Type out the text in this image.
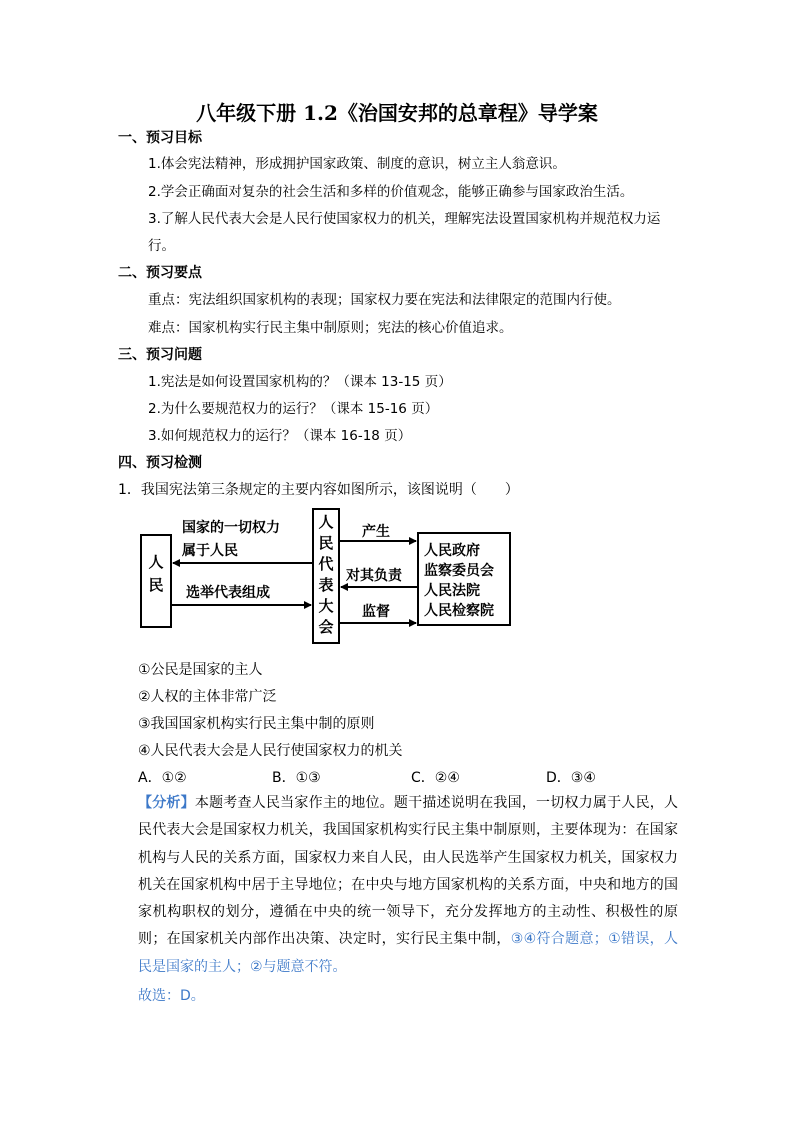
八年级下册 1.2《治国安邦的总章程》导学案
一、预习目标
1.体会宪法精神，形成拥护国家政策、制度的意识，树立主人翁意识。
2.学会正确面对复杂的社会生活和多样的价值观念，能够正确参与国家政治生活。
3.了解人民代表大会是人民行使国家权力的机关，理解宪法设置国家机构并规范权力运
行。
二、预习要点
重点：宪法组织国家机构的表现；国家权力要在宪法和法律限定的范围内行使。
难点：国家机构实行民主集中制原则；宪法的核心价值追求。
三、预习问题
1.宪法是如何设置国家机构的？（课本 13-15 页）
2.为什么要规范权力的运行？（课本 15-16 页）
3.如何规范权力的运行？（课本 16-18 页）
四、预习检测
1．我国宪法第三条规定的主要内容如图所示，该图说明（　　）
人
民
人
民
代
表
大
会
人民政府
监察委员会
人民法院
人民检察院
国家的一切权力
属于人民
选举代表组成
产生
对其负责
监督
①公民是国家的主人
②人权的主体非常广泛
③我国国家机构实行民主集中制的原则
④人民代表大会是人民行使国家权力的机关
A．①②	B．①③	C．②④	D．③④
【分析】本题考查人民当家作主的地位。题干描述说明在我国，一切权力属于人民，人民代表大会是国家权力机关，我国国家机构实行民主集中制原则，主要体现为：在国家机构与人民的关系方面，国家权力来自人民，由人民选举产生国家权力机关，国家权力机关在国家机构中居于主导地位；在中央与地方国家机构的关系方面，中央和地方的国家机构职权的划分，遵循在中央的统一领导下，充分发挥地方的主动性、积极性的原则；在国家机关内部作出决策、决定时，实行民主集中制，③④符合题意；①错误，人民是国家的主人；②与题意不符。
故选：D。
